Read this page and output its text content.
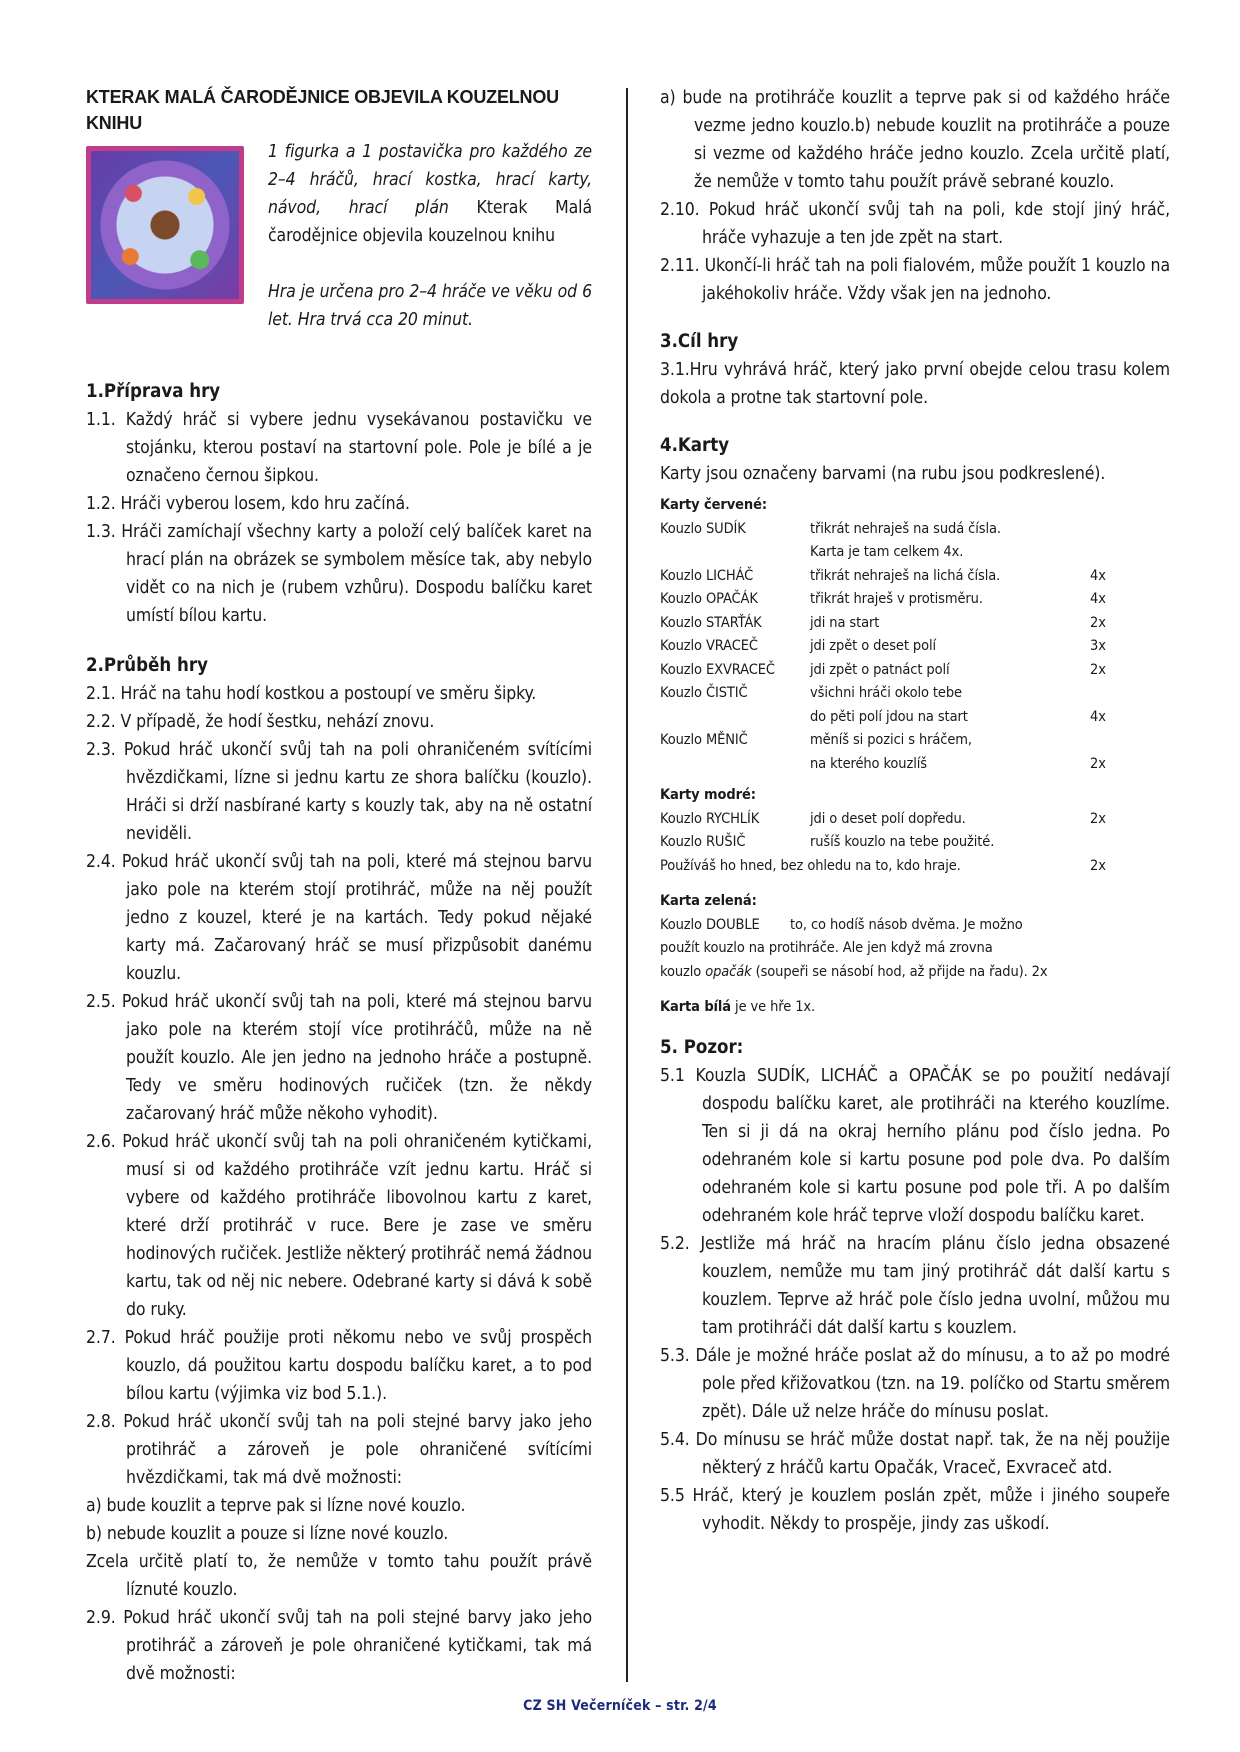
KTERAK MALÁ ČARODĚJNICE OBJEVILA KOUZELNOU KNIHU

1 figurka a 1 postavička pro každého ze 2–4 hráčů, hrací kostka, hrací karty, návod, hrací plán Kterak Malá čarodějnice objevila kouzelnou knihu

Hra je určena pro 2–4 hráče ve věku od 6 let. Hra trvá cca 20 minut.

1.Příprava hry

1.1. Každý hráč si vybere jednu vysekávanou postavičku ve stojánku, kterou postaví na startovní pole. Pole je bílé a je označeno černou šipkou.

1.2. Hráči vyberou losem, kdo hru začíná.

1.3. Hráči zamíchají všechny karty a položí celý balíček karet na hrací plán na obrázek se symbolem měsíce tak, aby nebylo vidět co na nich je (rubem vzhůru). Dospodu balíčku karet umístí bílou kartu.

2.Průběh hry

2.1. Hráč na tahu hodí kostkou a postoupí ve směru šipky.

2.2. V případě, že hodí šestku, nehází znovu.

2.3. Pokud hráč ukončí svůj tah na poli ohraničeném svítícími hvězdičkami, lízne si jednu kartu ze shora balíčku (kouzlo). Hráči si drží nasbírané karty s kouzly tak, aby na ně ostatní neviděli.

2.4. Pokud hráč ukončí svůj tah na poli, které má stejnou barvu jako pole na kterém stojí protihráč, může na něj použít jedno z kouzel, které je na kartách. Tedy pokud nějaké karty má. Začarovaný hráč se musí přizpůsobit danému kouzlu.

2.5. Pokud hráč ukončí svůj tah na poli, které má stejnou barvu jako pole na kterém stojí více protihráčů, může na ně použít kouzlo. Ale jen jedno na jednoho hráče a postupně. Tedy ve směru hodinových ručiček (tzn. že někdy začarovaný hráč může někoho vyhodit).

2.6. Pokud hráč ukončí svůj tah na poli ohraničeném kytičkami, musí si od každého protihráče vzít jednu kartu. Hráč si vybere od každého protihráče libovolnou kartu z karet, které drží protihráč v ruce. Bere je zase ve směru hodinových ručiček. Jestliže některý protihráč nemá žádnou kartu, tak od něj nic nebere. Odebrané karty si dává k sobě do ruky.

2.7. Pokud hráč použije proti někomu nebo ve svůj prospěch kouzlo, dá použitou kartu dospodu balíčku karet, a to pod bílou kartu (výjimka viz bod 5.1.).

2.8. Pokud hráč ukončí svůj tah na poli stejné barvy jako jeho protihráč a zároveň je pole ohraničené svítícími hvězdičkami, tak má dvě možnosti:

a) bude kouzlit a teprve pak si lízne nové kouzlo.

b) nebude kouzlit a pouze si lízne nové kouzlo.

Zcela určitě platí to, že nemůže v tomto tahu použít právě líznuté kouzlo.

2.9. Pokud hráč ukončí svůj tah na poli stejné barvy jako jeho protihráč a zároveň je pole ohraničené kytičkami, tak má dvě možnosti:

a) bude na protihráče kouzlit a teprve pak si od každého hráče vezme jedno kouzlo.b) nebude kouzlit na protihráče a pouze si vezme od každého hráče jedno kouzlo. Zcela určitě platí, že nemůže v tomto tahu použít právě sebrané kouzlo.

2.10. Pokud hráč ukončí svůj tah na poli, kde stojí jiný hráč, hráče vyhazuje a ten jde zpět na start.

2.11. Ukončí-li hráč tah na poli fialovém, může použít 1 kouzlo na jakéhokoliv hráče. Vždy však jen na jednoho.

3.Cíl hry

3.1.Hru vyhrává hráč, který jako první obejde celou trasu kolem dokola a protne tak startovní pole.

4.Karty

Karty jsou označeny barvami (na rubu jsou podkreslené).

Karty červené:
Kouzlo SUDÍK	třikrát nehraješ na sudá čísla.
Karta je tam celkem 4x.
Kouzlo LICHÁČ	třikrát nehraješ na lichá čísla.	4x
Kouzlo OPAČÁK	třikrát hraješ v protisměru.	4x
Kouzlo STARŤÁK	jdi na start	2x
Kouzlo VRACEČ	jdi zpět o deset polí	3x
Kouzlo EXVRACEČ	jdi zpět o patnáct polí	2x
Kouzlo ČISTIČ	všichni hráči okolo tebe
do pěti polí jdou na start	4x
Kouzlo MĚNIČ	měníš si pozici s hráčem,
na kterého kouzlíš	2x
Karty modré:
Kouzlo RYCHLÍK	jdi o deset polí dopředu.	2x
Kouzlo RUŠIČ	rušíš kouzlo na tebe použité.
Používáš ho hned, bez ohledu na to, kdo hraje.	2x
Karta zelená:
Kouzlo DOUBLE to, co hodíš násob dvěma. Je možno
použít kouzlo na protihráče. Ale jen když má zrovna
kouzlo opačák (soupeři se násobí hod, až přijde na řadu). 2x
Karta bílá je ve hře 1x.
5. Pozor:

5.1 Kouzla SUDÍK, LICHÁČ a OPAČÁK se po použití nedávají dospodu balíčku karet, ale protihráči na kterého kouzlíme. Ten si ji dá na okraj herního plánu pod číslo jedna. Po odehraném kole si kartu posune pod pole dva. Po dalším odehraném kole si kartu posune pod pole tři. A po dalším odehraném kole hráč teprve vloží dospodu balíčku karet.

5.2. Jestliže má hráč na hracím plánu číslo jedna obsazené kouzlem, nemůže mu tam jiný protihráč dát další kartu s kouzlem. Teprve až hráč pole číslo jedna uvolní, můžou mu tam protihráči dát další kartu s kouzlem.

5.3. Dále je možné hráče poslat až do mínusu, a to až po modré pole před křižovatkou (tzn. na 19. políčko od Startu směrem zpět). Dále už nelze hráče do mínusu poslat.

5.4. Do mínusu se hráč může dostat např. tak, že na něj použije některý z hráčů kartu Opačák, Vraceč, Exvraceč atd.

5.5 Hráč, který je kouzlem poslán zpět, může i jiného soupeře vyhodit. Někdy to prospěje, jindy zas uškodí.

CZ SH Večerníček – str. 2/4
